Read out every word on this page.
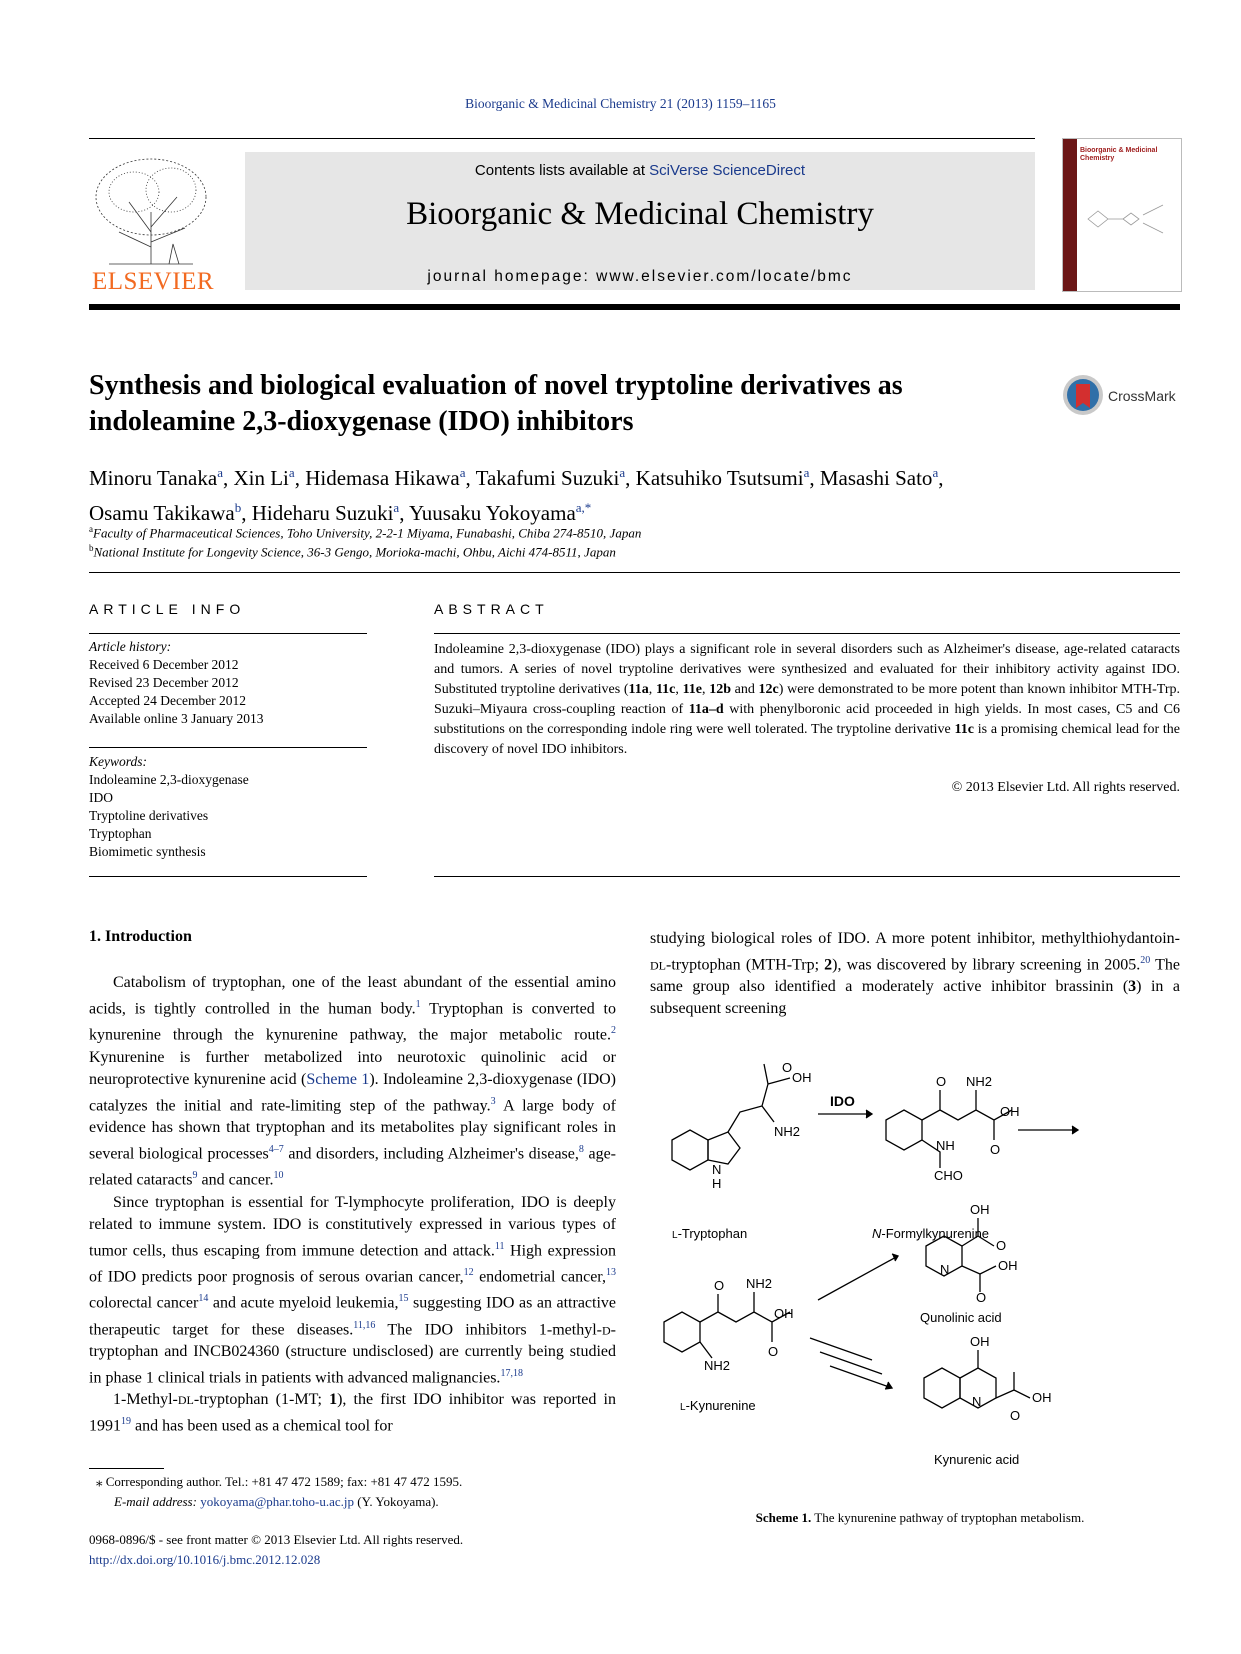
Bioorganic & Medicinal Chemistry 21 (2013) 1159–1165
ELSEVIER
Contents lists available at SciVerse ScienceDirect
Bioorganic & Medicinal Chemistry
journal homepage: www.elsevier.com/locate/bmc
Bioorganic & Medicinal Chemistry
Synthesis and biological evaluation of novel tryptoline derivatives as indoleamine 2,3-dioxygenase (IDO) inhibitors
CrossMark
Minoru Tanaka$^a$, Xin Li$^a$, Hidemasa Hikawa$^a$, Takafumi Suzuki$^a$, Katsuhiko Tsutsumi$^a$, Masashi Sato$^a$,
Osamu Takikawa$^b$, Hideharu Suzuki$^a$, Yuusaku Yokoyama$^{a,*}$
$^a$Faculty of Pharmaceutical Sciences, Toho University, 2-2-1 Miyama, Funabashi, Chiba 274-8510, Japan
$^b$National Institute for Longevity Science, 36-3 Gengo, Morioka-machi, Ohbu, Aichi 474-8511, Japan
ARTICLE INFO
Article history:
Received 6 December 2012
Revised 23 December 2012
Accepted 24 December 2012
Available online 3 January 2013
Keywords:
Indoleamine 2,3-dioxygenase
IDO
Tryptoline derivatives
Tryptophan
Biomimetic synthesis
ABSTRACT
Indoleamine 2,3-dioxygenase (IDO) plays a significant role in several disorders such as Alzheimer's disease, age-related cataracts and tumors. A series of novel tryptoline derivatives were synthesized and evaluated for their inhibitory activity against IDO. Substituted tryptoline derivatives (11a, 11c, 11e, 12b and 12c) were demonstrated to be more potent than known inhibitor MTH-Trp. Suzuki–Miyaura cross-coupling reaction of 11a–d with phenylboronic acid proceeded in high yields. In most cases, C5 and C6 substitutions on the corresponding indole ring were well tolerated. The tryptoline derivative 11c is a promising chemical lead for the discovery of novel IDO inhibitors.
© 2013 Elsevier Ltd. All rights reserved.
1. Introduction

Catabolism of tryptophan, one of the least abundant of the essential amino acids, is tightly controlled in the human body.$^1$ Tryptophan is converted to kynurenine through the kynurenine pathway, the major metabolic route.$^2$ Kynurenine is further metabolized into neurotoxic quinolinic acid or neuroprotective kynurenine acid (Scheme 1). Indoleamine 2,3-dioxygenase (IDO) catalyzes the initial and rate-limiting step of the pathway.$^3$ A large body of evidence has shown that tryptophan and its metabolites play significant roles in several biological processes$^{4-7}$ and disorders, including Alzheimer's disease,$^8$ age-related cataracts$^9$ and cancer.$^{10}$

Since tryptophan is essential for T-lymphocyte proliferation, IDO is deeply related to immune system. IDO is constitutively expressed in various types of tumor cells, thus escaping from immune detection and attack.$^{11}$ High expression of IDO predicts poor prognosis of serous ovarian cancer,$^{12}$ endometrial cancer,$^{13}$ colorectal cancer$^{14}$ and acute myeloid leukemia,$^{15}$ suggesting IDO as an attractive therapeutic target for these diseases.$^{11,16}$ The IDO inhibitors 1-methyl-D-tryptophan and INCB024360 (structure undisclosed) are currently being studied in phase 1 clinical trials in patients with advanced malignancies.$^{17,18}$

1-Methyl-DL-tryptophan (1-MT; 1), the first IDO inhibitor was reported in 1991$^{19}$ and has been used as a chemical tool for

studying biological roles of IDO. A more potent inhibitor, methylthiohydantoin-DL-tryptophan (MTH-Trp; 2), was discovered by library screening in 2005.20 The same group also identified a moderately active inhibitor brassinin (3) in a subsequent screening

O
OH
NH2
N
H
IDO
O NH2
OH
O
NH
CHO
L-Tryptophan	N-Formylkynurenine
O NH2
OH
O
NH2
L-Kynurenine
OH
O
OH
O
N
Qunolinic acid
OH
OH
O
N
Kynurenic acid
Scheme 1. The kynurenine pathway of tryptophan metabolism.
⁎ Corresponding author. Tel.: +81 47 472 1589; fax: +81 47 472 1595.
E-mail address: yokoyama@phar.toho-u.ac.jp (Y. Yokoyama).
0968-0896/$ - see front matter © 2013 Elsevier Ltd. All rights reserved.
http://dx.doi.org/10.1016/j.bmc.2012.12.028
